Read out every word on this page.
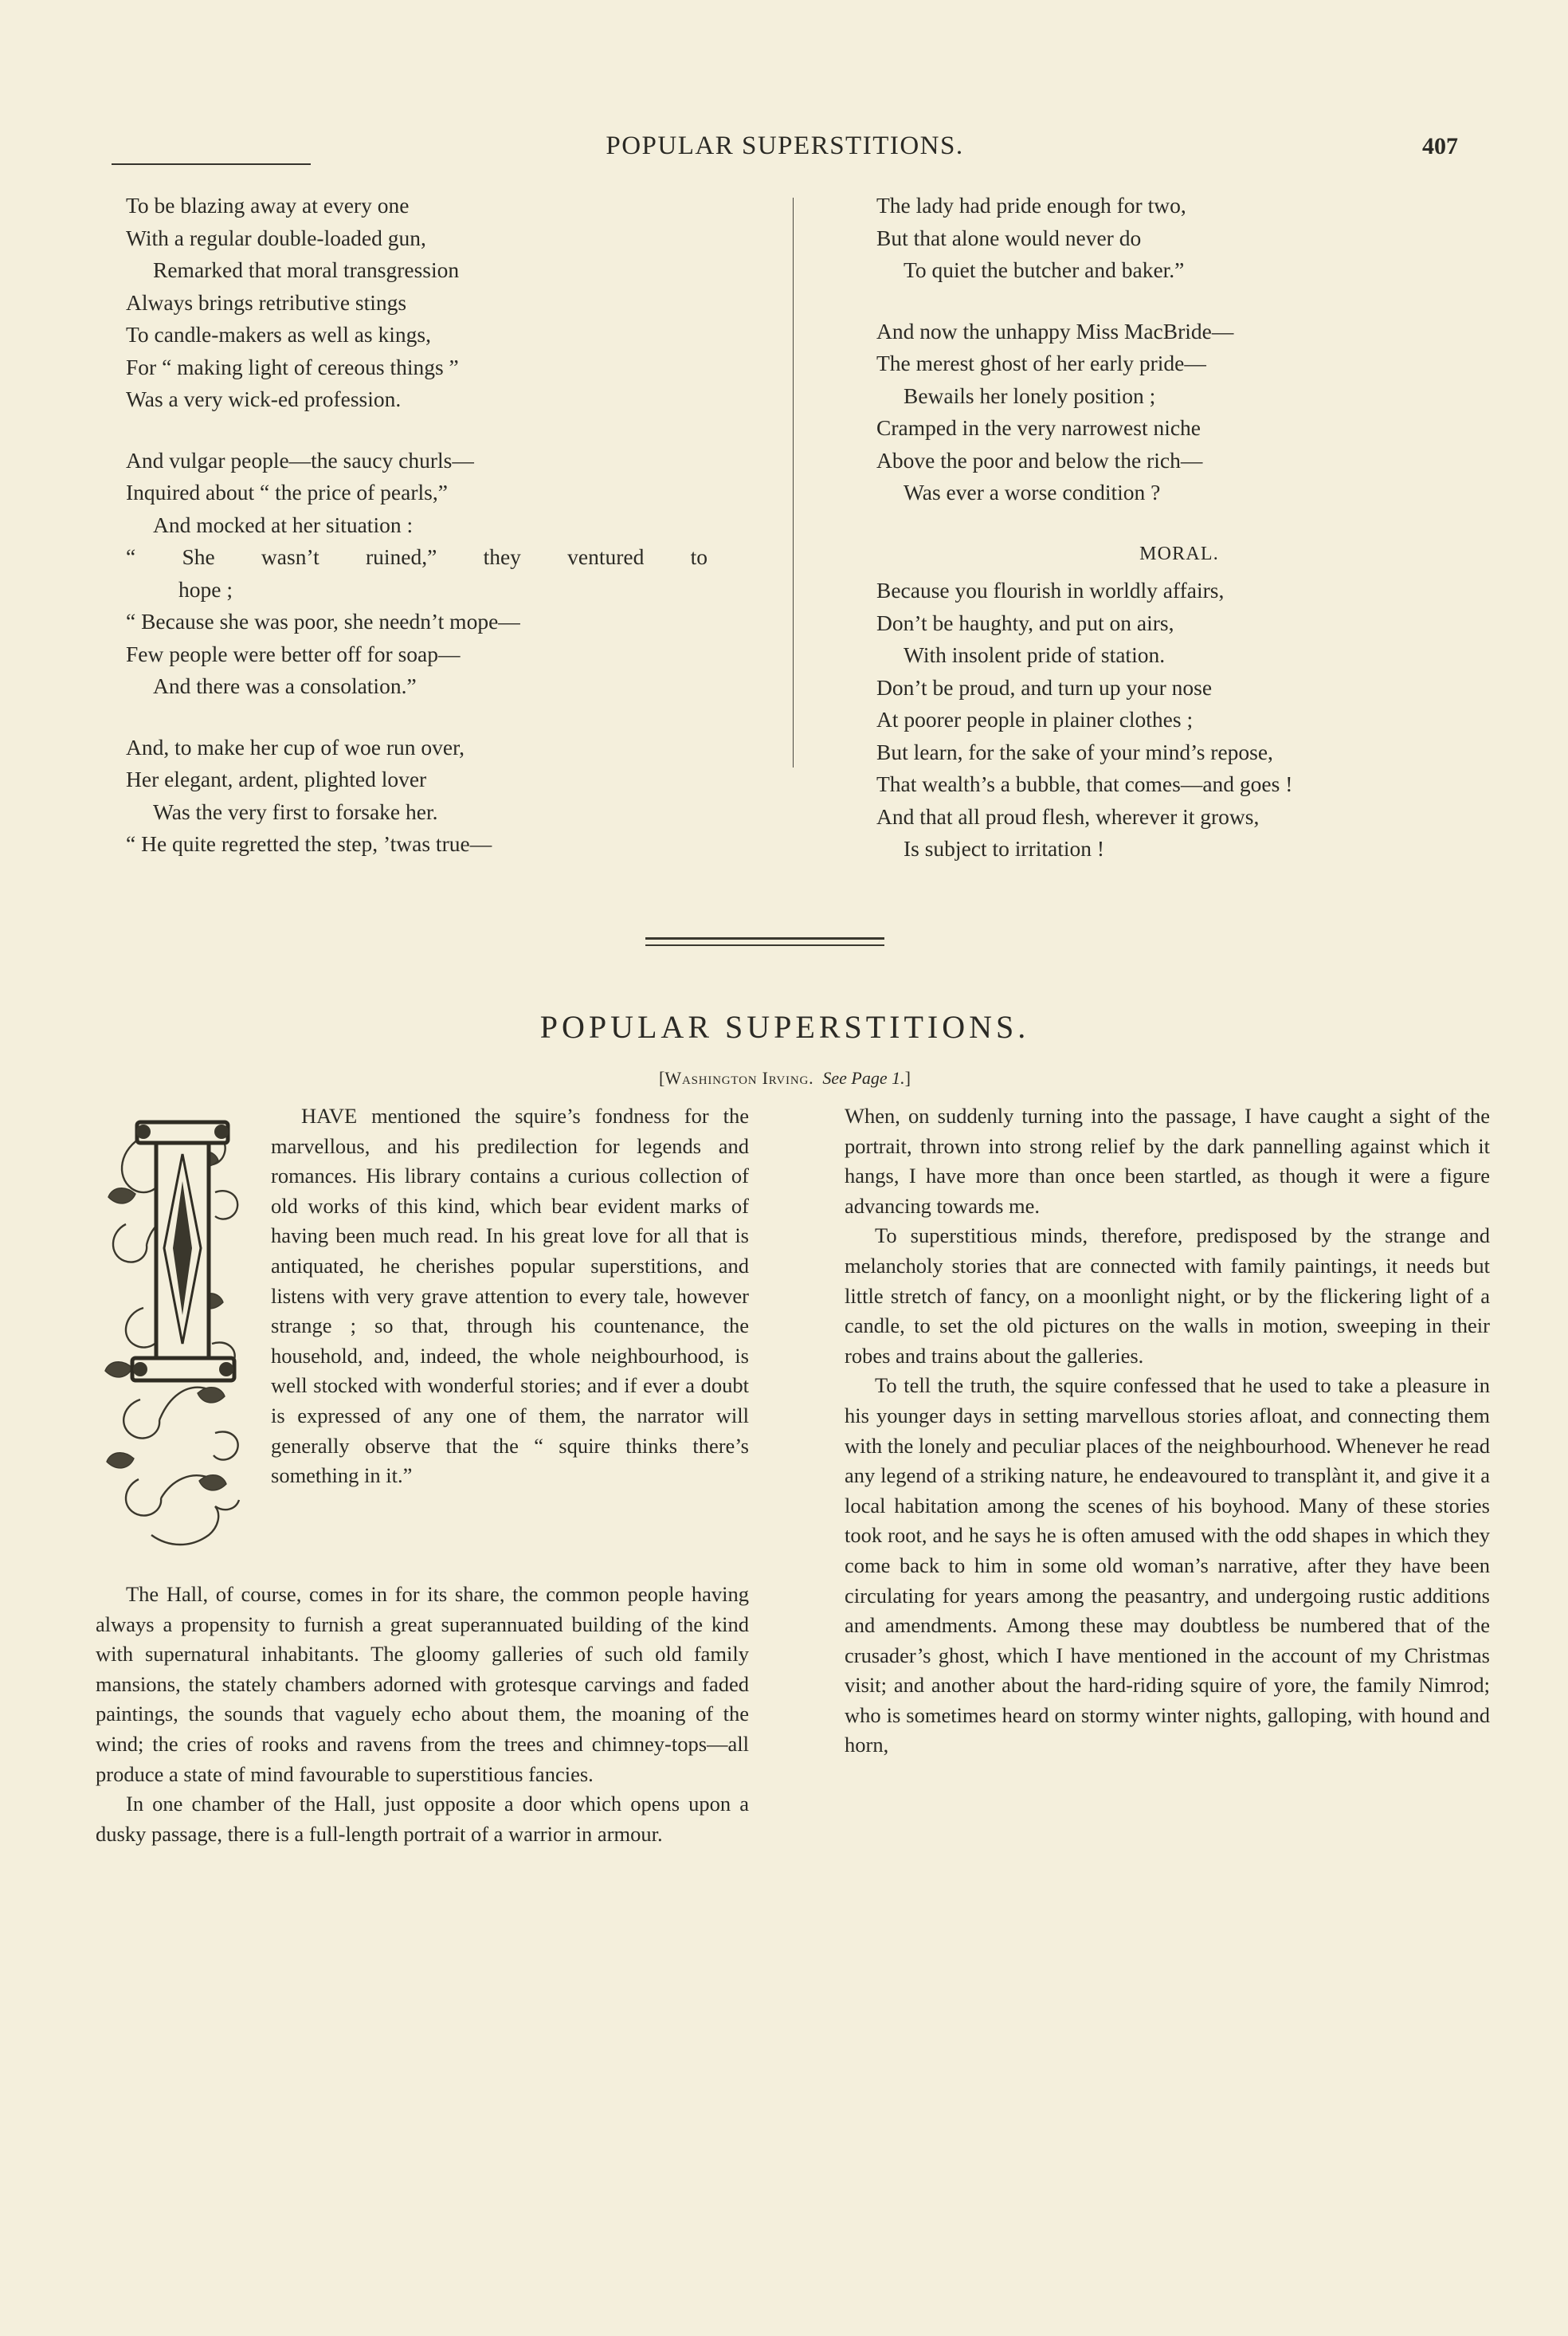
POPULAR SUPERSTITIONS.	407
To be blazing away at every one
With a regular double-loaded gun,
Remarked that moral transgression
Always brings retributive stings
To candle-makers as well as kings,
For “ making light of cereous things ”
Was a very wick-ed profession.
And vulgar people—the saucy churls—
Inquired about “ the price of pearls,”
And mocked at her situation :
“ She wasn’t ruined,” they ventured to
hope ;
“ Because she was poor, she needn’t mope—
Few people were better off for soap—
And there was a consolation.”
And, to make her cup of woe run over,
Her elegant, ardent, plighted lover
Was the very first to forsake her.
“ He quite regretted the step, ’twas true—
The lady had pride enough for two,
But that alone would never do
To quiet the butcher and baker.”
And now the unhappy Miss MacBride—
The merest ghost of her early pride—
Bewails her lonely position ;
Cramped in the very narrowest niche
Above the poor and below the rich—
Was ever a worse condition ?
MORAL.
Because you flourish in worldly affairs,
Don’t be haughty, and put on airs,
With insolent pride of station.
Don’t be proud, and turn up your nose
At poorer people in plainer clothes ;
But learn, for the sake of your mind’s repose,
That wealth’s a bubble, that comes—and goes !
And that all proud flesh, wherever it grows,
Is subject to irritation !
POPULAR SUPERSTITIONS.
[Washington Irving. See Page 1.]

HAVE mentioned the squire’s fondness for the marvellous, and his predilection for legends and romances. His library contains a curious collection of old works of this kind, which bear evident marks of having been much read. In his great love for all that is antiquated, he cherishes popular superstitions, and listens with very grave attention to every tale, however strange ; so that, through his countenance, the household, and, indeed, the whole neighbourhood, is well stocked with wonderful stories; and if ever a doubt is expressed of any one of them, the narrator will generally observe that the “ squire thinks there’s something in it.”

The Hall, of course, comes in for its share, the common people having always a propensity to furnish a great superannuated building of the kind with supernatural inhabitants. The gloomy galleries of such old family mansions, the stately chambers adorned with grotesque carvings and faded paintings, the sounds that vaguely echo about them, the moaning of the wind; the cries of rooks and ravens from the trees and chimney-tops—all produce a state of mind favourable to superstitious fancies.

In one chamber of the Hall, just opposite a door which opens upon a dusky passage, there is a full-length portrait of a warrior in armour.

When, on suddenly turning into the passage, I have caught a sight of the portrait, thrown into strong relief by the dark pannelling against which it hangs, I have more than once been startled, as though it were a figure advancing towards me.

To superstitious minds, therefore, predisposed by the strange and melancholy stories that are connected with family paintings, it needs but little stretch of fancy, on a moonlight night, or by the flickering light of a candle, to set the old pictures on the walls in motion, sweeping in their robes and trains about the galleries.

To tell the truth, the squire confessed that he used to take a pleasure in his younger days in setting marvellous stories afloat, and connecting them with the lonely and peculiar places of the neighbourhood. Whenever he read any legend of a striking nature, he endeavoured to transplànt it, and give it a local habitation among the scenes of his boyhood. Many of these stories took root, and he says he is often amused with the odd shapes in which they come back to him in some old woman’s narrative, after they have been circulating for years among the peasantry, and undergoing rustic additions and amendments. Among these may doubtless be numbered that of the crusader’s ghost, which I have mentioned in the account of my Christmas visit; and another about the hard-riding squire of yore, the family Nimrod; who is sometimes heard on stormy winter nights, galloping, with hound and horn,
